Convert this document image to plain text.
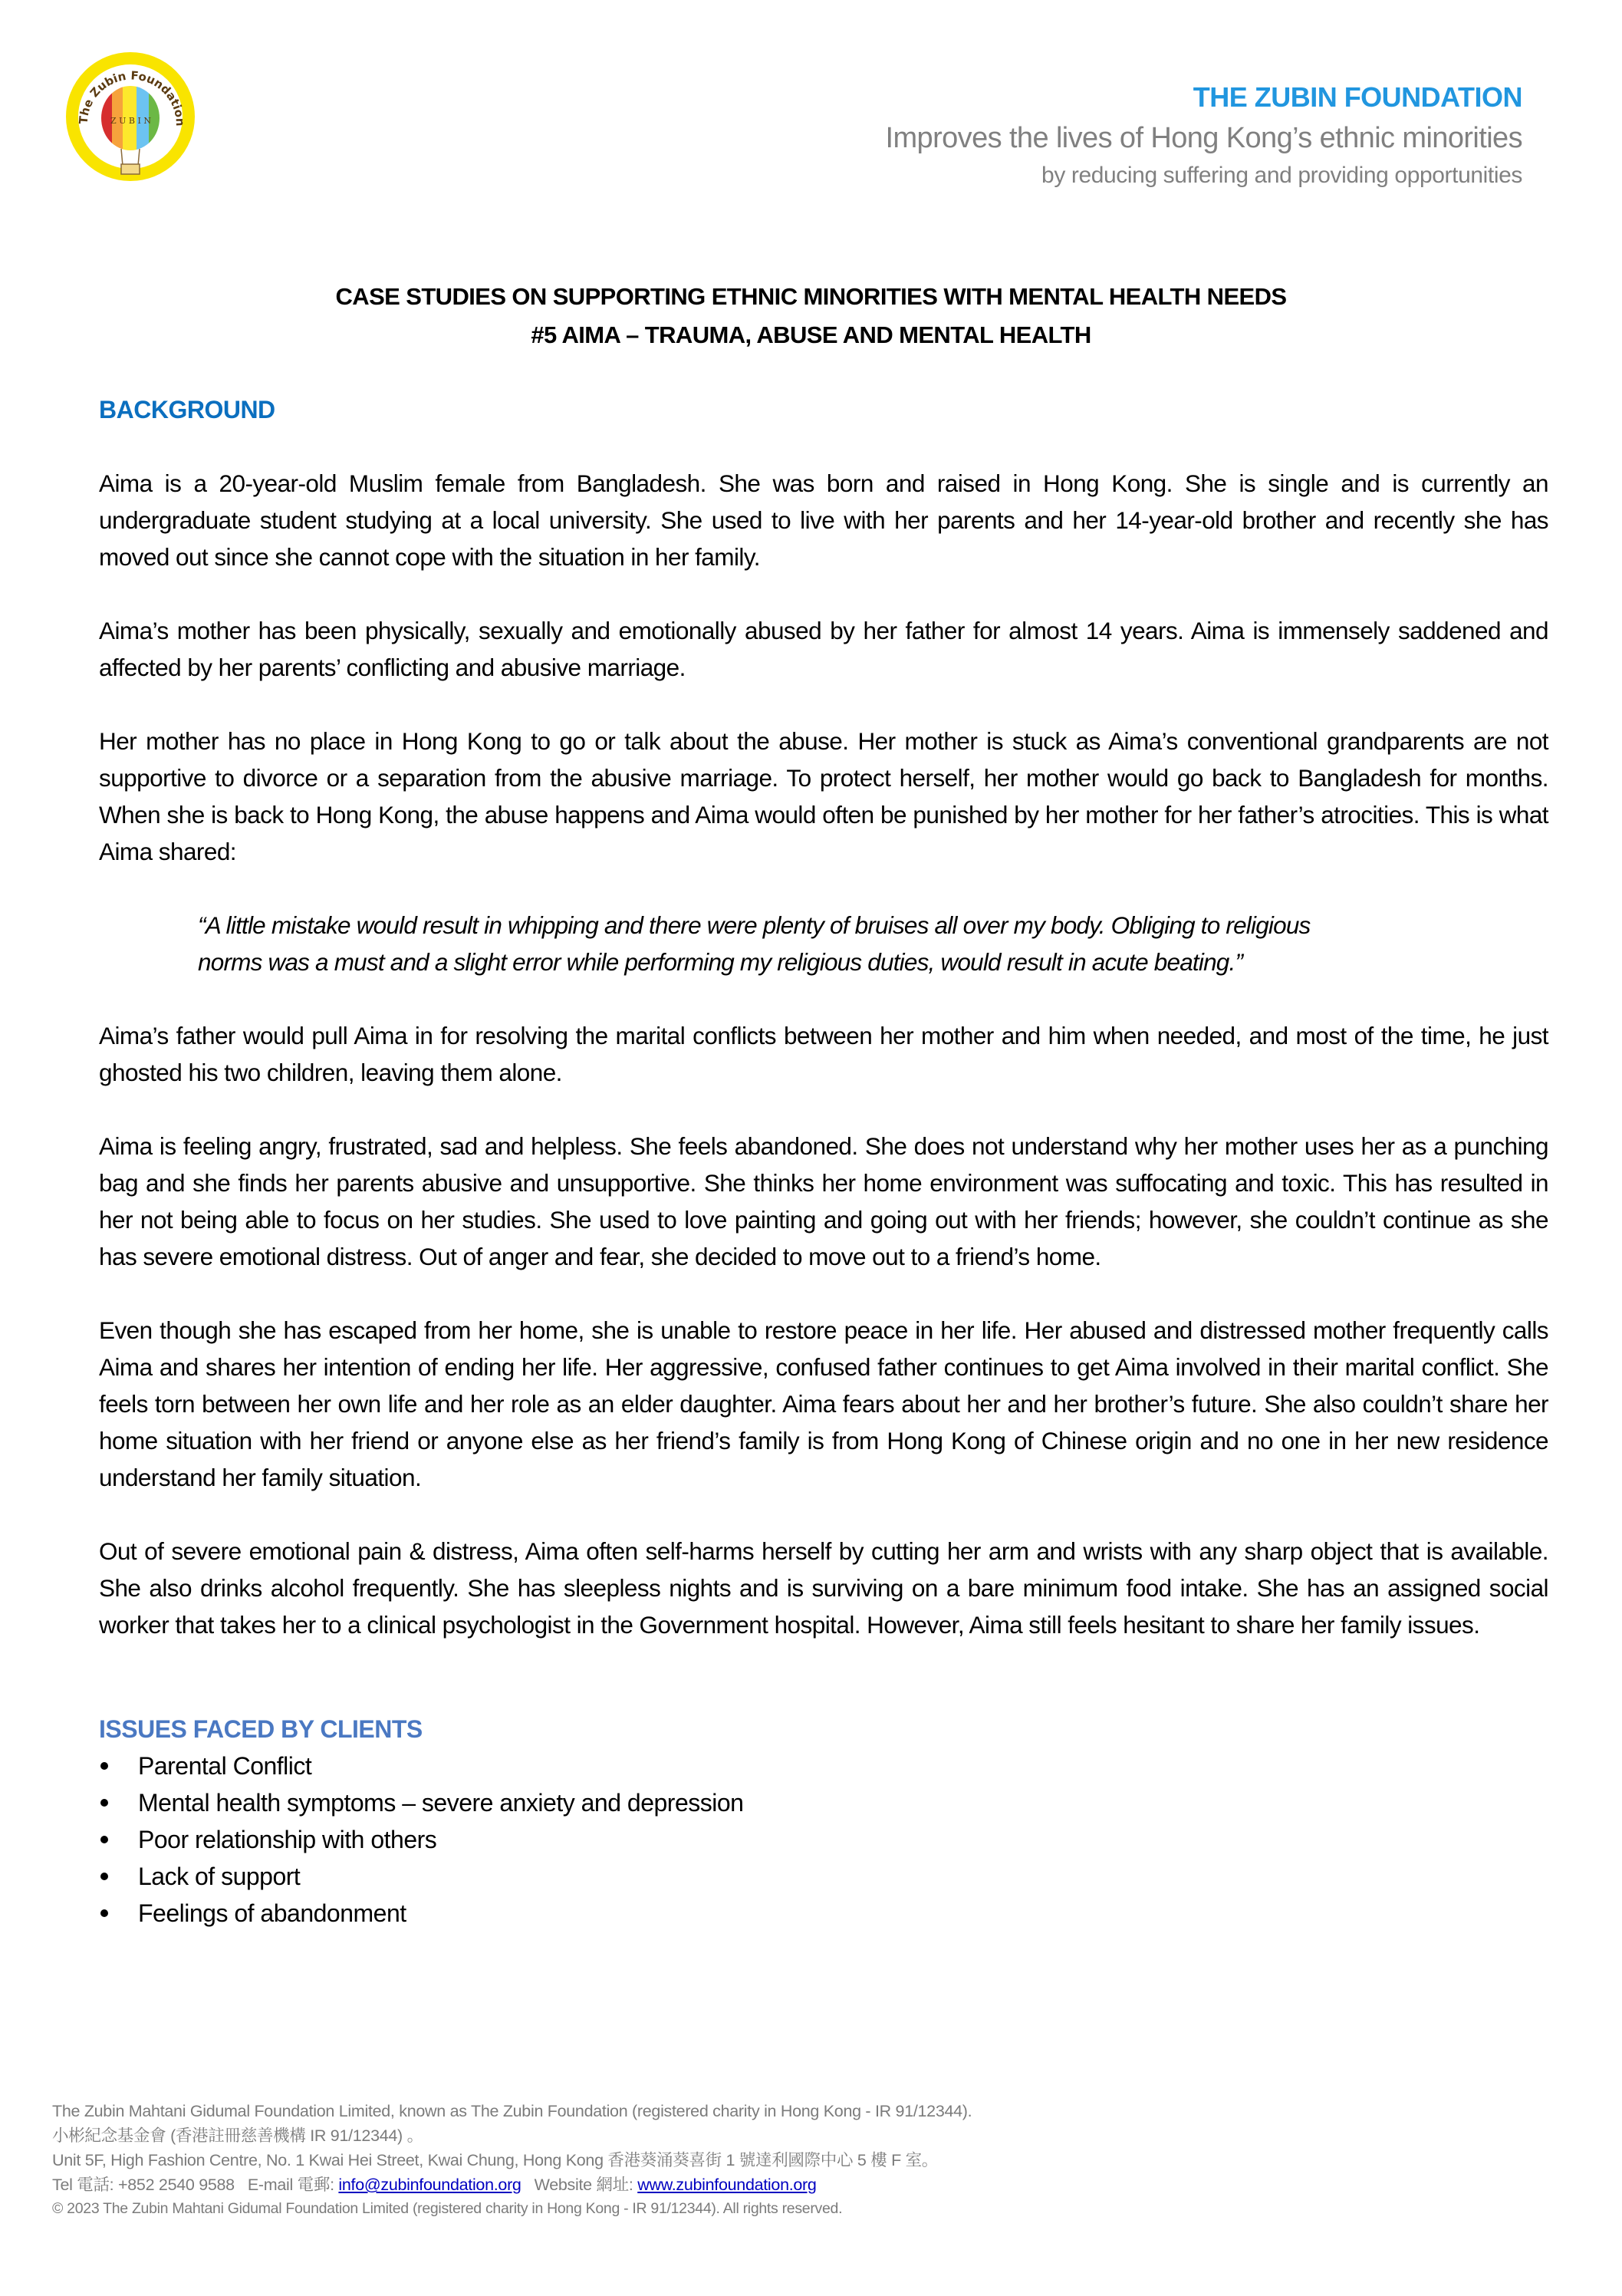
The Zubin Foundation
Z U B I N
THE ZUBIN FOUNDATION
Improves the lives of Hong Kong’s ethnic minorities
by reducing suffering and providing opportunities
CASE STUDIES ON SUPPORTING ETHNIC MINORITIES WITH MENTAL HEALTH NEEDS
#5 AIMA – TRAUMA, ABUSE AND MENTAL HEALTH
BACKGROUND

Aima is a 20-year-old Muslim female from Bangladesh. She was born and raised in Hong Kong. She is single and is currently an undergraduate student studying at a local university. She used to live with her parents and her 14-year-old brother and recently she has moved out since she cannot cope with the situation in her family.

Aima’s mother has been physically, sexually and emotionally abused by her father for almost 14 years. Aima is immensely saddened and affected by her parents’ conflicting and abusive marriage.

Her mother has no place in Hong Kong to go or talk about the abuse. Her mother is stuck as Aima’s conventional grandparents are not supportive to divorce or a separation from the abusive marriage. To protect herself, her mother would go back to Bangladesh for months. When she is back to Hong Kong, the abuse happens and Aima would often be punished by her mother for her father’s atrocities. This is what Aima shared:

“A little mistake would result in whipping and there were plenty of bruises all over my body. Obliging to religious norms was a must and a slight error while performing my religious duties, would result in acute beating.”

Aima’s father would pull Aima in for resolving the marital conflicts between her mother and him when needed, and most of the time, he just ghosted his two children, leaving them alone.

Aima is feeling angry, frustrated, sad and helpless. She feels abandoned. She does not understand why her mother uses her as a punching bag and she finds her parents abusive and unsupportive. She thinks her home environment was suffocating and toxic. This has resulted in her not being able to focus on her studies. She used to love painting and going out with her friends; however, she couldn’t continue as she has severe emotional distress. Out of anger and fear, she decided to move out to a friend’s home.

Even though she has escaped from her home, she is unable to restore peace in her life. Her abused and distressed mother frequently calls Aima and shares her intention of ending her life. Her aggressive, confused father continues to get Aima involved in their marital conflict. She feels torn between her own life and her role as an elder daughter. Aima fears about her and her brother’s future. She also couldn’t share her home situation with her friend or anyone else as her friend’s family is from Hong Kong of Chinese origin and no one in her new residence understand her family situation.

Out of severe emotional pain & distress, Aima often self-harms herself by cutting her arm and wrists with any sharp object that is available. She also drinks alcohol frequently. She has sleepless nights and is surviving on a bare minimum food intake. She has an assigned social worker that takes her to a clinical psychologist in the Government hospital. However, Aima still feels hesitant to share her family issues.

ISSUES FACED BY CLIENTS
Parental Conflict
Mental health symptoms – severe anxiety and depression
Poor relationship with others
Lack of support
Feelings of abandonment
The Zubin Mahtani Gidumal Foundation Limited, known as The Zubin Foundation (registered charity in Hong Kong - IR 91/12344).
小彬紀念基金會 (香港註冊慈善機構 IR 91/12344) 。
Unit 5F, High Fashion Centre, No. 1 Kwai Hei Street, Kwai Chung, Hong Kong 香港葵涌葵喜街 1 號達利國際中心 5 樓 F 室。
Tel 電話: +852 2540 9588 E-mail 電郵: info@zubinfoundation.org Website 網址: www.zubinfoundation.org
© 2023 The Zubin Mahtani Gidumal Foundation Limited (registered charity in Hong Kong - IR 91/12344). All rights reserved.
